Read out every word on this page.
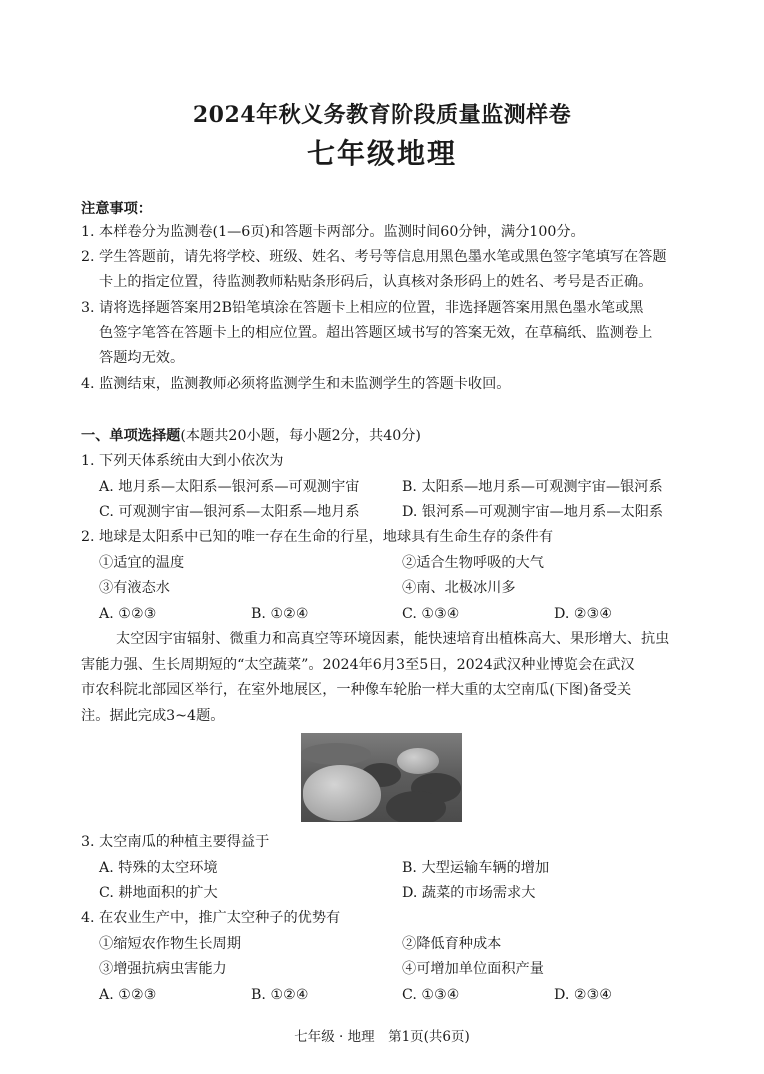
2024年秋义务教育阶段质量监测样卷
七年级地理
注意事项：
1. 本样卷分为监测卷(1—6页)和答题卡两部分。监测时间60分钟，满分100分。
2. 学生答题前，请先将学校、班级、姓名、考号等信息用黑色墨水笔或黑色签字笔填写在答题
卡上的指定位置，待监测教师粘贴条形码后，认真核对条形码上的姓名、考号是否正确。
3. 请将选择题答案用2B铅笔填涂在答题卡上相应的位置，非选择题答案用黑色墨水笔或黑
色签字笔答在答题卡上的相应位置。超出答题区域书写的答案无效，在草稿纸、监测卷上
答题均无效。
4. 监测结束，监测教师必须将监测学生和未监测学生的答题卡收回。
一、单项选择题(本题共20小题，每小题2分，共40分)
1. 下列天体系统由大到小依次为
A. 地月系—太阳系—银河系—可观测宇宙	B. 太阳系—地月系—可观测宇宙—银河系
C. 可观测宇宙—银河系—太阳系—地月系	D. 银河系—可观测宇宙—地月系—太阳系
2. 地球是太阳系中已知的唯一存在生命的行星，地球具有生命生存的条件有
①适宜的温度	②适合生物呼吸的大气
③有液态水	④南、北极冰川多
A. ①②③	B. ①②④	C. ①③④	D. ②③④
太空因宇宙辐射、微重力和高真空等环境因素，能快速培育出植株高大、果形增大、抗虫
害能力强、生长周期短的“太空蔬菜”。2024年6月3至5日，2024武汉种业博览会在武汉
市农科院北部园区举行，在室外地展区，一种像车轮胎一样大重的太空南瓜(下图)备受关
注。据此完成3~4题。
3. 太空南瓜的种植主要得益于
A. 特殊的太空环境	B. 大型运输车辆的增加
C. 耕地面积的扩大	D. 蔬菜的市场需求大
4. 在农业生产中，推广太空种子的优势有
①缩短农作物生长周期	②降低育种成本
③增强抗病虫害能力	④可增加单位面积产量
A. ①②③	B. ①②④	C. ①③④	D. ②③④
七年级 · 地理　第1页(共6页)
